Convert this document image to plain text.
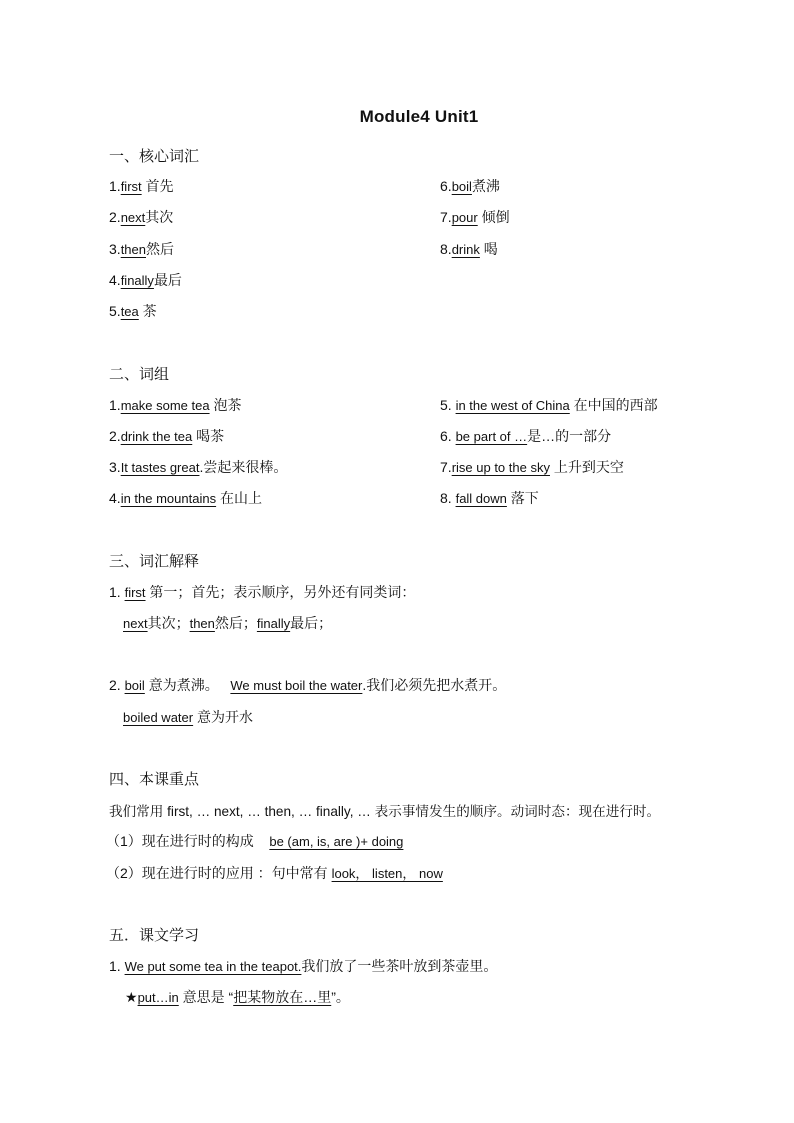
Module4 Unit1
一、核心词汇
1.first 首先
2.next其次
3.then然后
4.finally最后
5.tea 茶
6.boil煮沸
7.pour 倾倒
8.drink 喝
二、词组
1.make some tea 泡茶
2.drink the tea 喝茶
3.It tastes great.尝起来很棒。
4.in the mountains 在山上
5. in the west of China 在中国的西部
6. be part of …是…的一部分
7.rise up to the sky 上升到天空
8. fall down 落下
三、词汇解释
1. first 第一；首先；表示顺序，另外还有同类词：
next其次；then然后；finally最后；
2. boil 意为煮沸。 We must boil the water.我们必须先把水煮开。
boiled water 意为开水
四、本课重点
我们常用 first, … next, … then, … finally, … 表示事情发生的顺序。动词时态：现在进行时。
（1）现在进行时的构成 be (am, is, are )+ doing
（2）现在进行时的应用 ：句中常有 look， listen， now
五．课文学习
1. We put some tea in the teapot.我们放了一些茶叶放到茶壶里。
★put…in 意思是 “把某物放在…里”。
